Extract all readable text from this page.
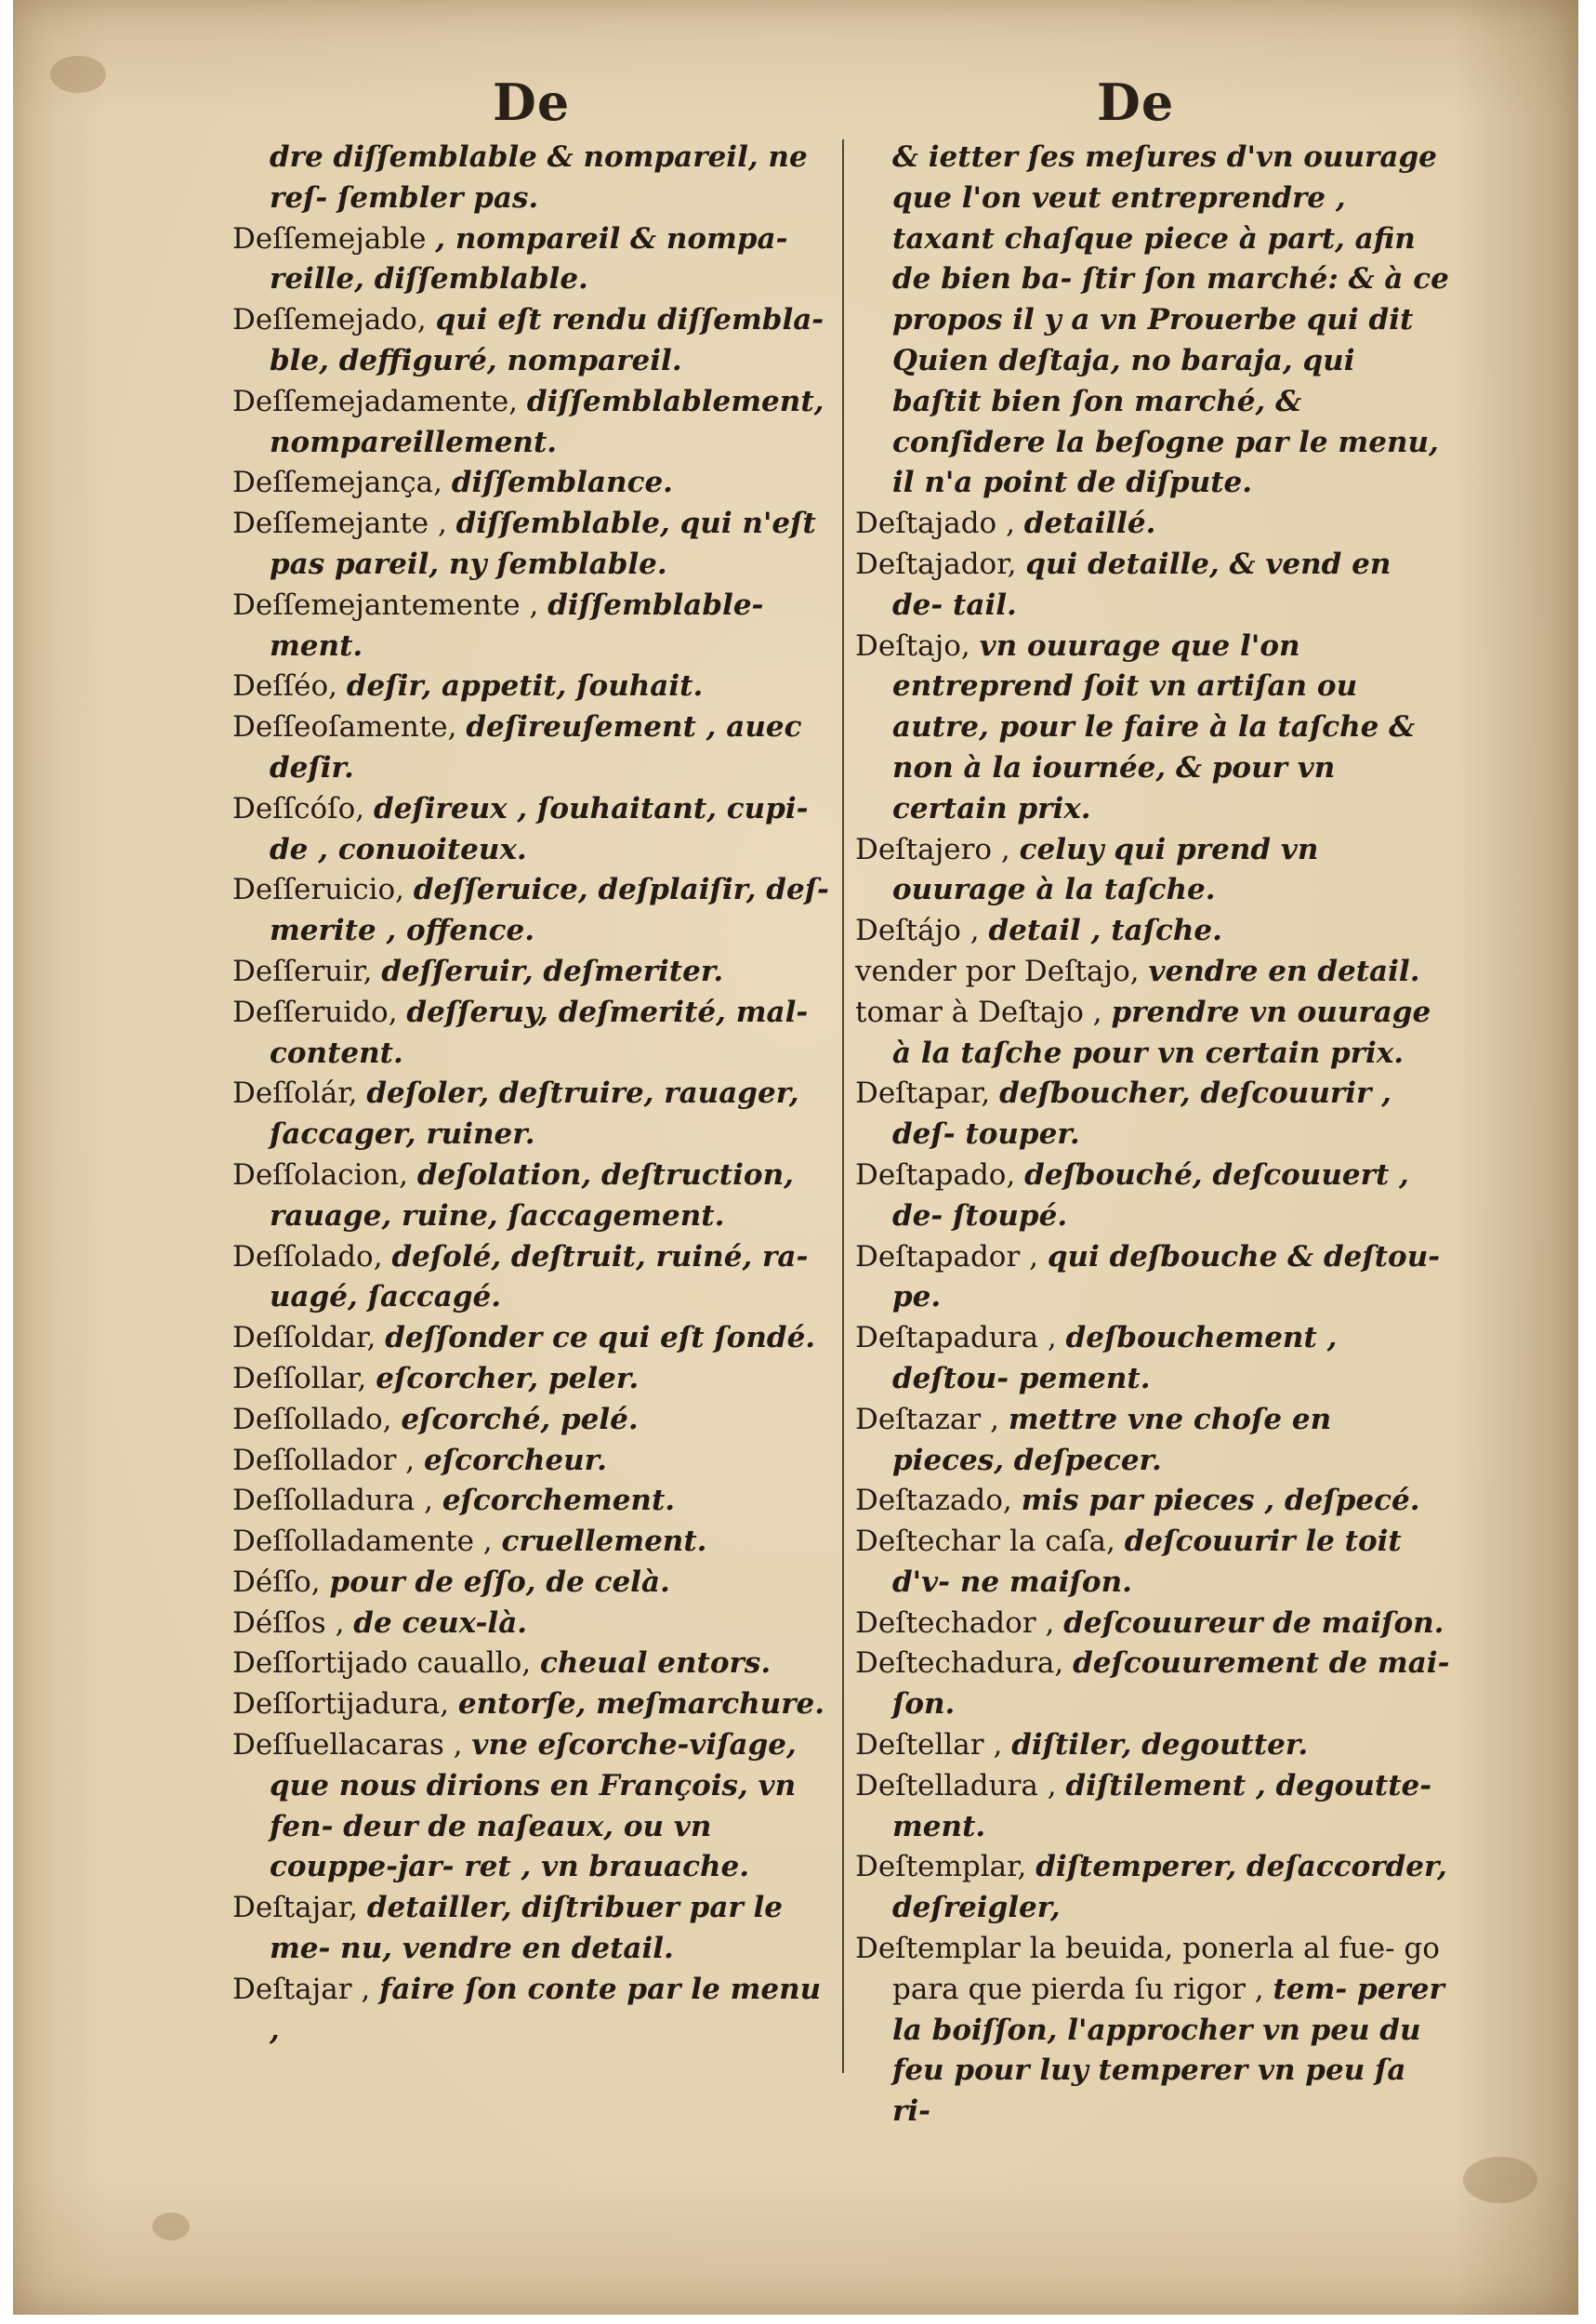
De	De

dre diſſemblable & nompareil, ne reſ- ſembler pas.

Deſſemejable , nompareil & nompa- reille, diſſemblable.

Deſſemejado, qui eſt rendu diſſembla- ble, deffiguré, nompareil.

Deſſemejadamente, diſſemblablement, nompareillement.

Deſſemejança, diſſemblance.

Deſſemejante , diſſemblable, qui n'eſt pas pareil, ny ſemblable.

Deſſemejantemente , diſſemblable- ment.

Deſſéo, deſir, appetit, ſouhait.

Deſſeoſamente, deſireuſement , auec deſir.

Deſſcóſo, deſireux , ſouhaitant, cupi- de , conuoiteux.

Deſſeruicio, deſſeruice, deſplaiſir, deſ- merite , offence.

Deſſeruir, deſſeruir, deſmeriter.

Deſſeruido, deſſeruy, deſmerité, mal- content.

Deſſolár, deſoler, deſtruire, rauager, ſaccager, ruiner.

Deſſolacion, deſolation, deſtruction, rauage, ruine, ſaccagement.

Deſſolado, deſolé, deſtruit, ruiné, ra- uagé, ſaccagé.

Deſſoldar, deſſonder ce qui eſt ſondé.

Deſſollar, eſcorcher, peler.

Deſſollado, eſcorché, pelé.

Deſſollador , eſcorcheur.

Deſſolladura , eſcorchement.

Deſſolladamente , cruellement.

Déſſo, pour de eſſo, de celà.

Déſſos , de ceux-là.

Deſſortijado cauallo, cheual entors.

Deſſortijadura, entorſe, meſmarchure.

Deſſuellacaras , vne eſcorche-viſage, que nous dirions en François, vn fen- deur de naſeaux, ou vn couppe-jar- ret , vn brauache.

Deſtajar, detailler, diſtribuer par le me- nu, vendre en detail.

Deſtajar , faire ſon conte par le menu ,

& ietter ſes meſures d'vn ouurage que l'on veut entreprendre , taxant chaſque piece à part, afin de bien ba- ſtir ſon marché: & à ce propos il y a vn Prouerbe qui dit Quien deſtaja, no baraja, qui baſtit bien ſon marché, & conſidere la beſogne par le menu, il n'a point de diſpute.

Deſtajado , detaillé.

Deſtajador, qui detaille, & vend en de- tail.

Deſtajo, vn ouurage que l'on entreprend ſoit vn artiſan ou autre, pour le faire à la taſche & non à la iournée, & pour vn certain prix.

Deſtajero , celuy qui prend vn ouurage à la taſche.

Deſtájo , detail , taſche.

vender por Deſtajo, vendre en detail.

tomar à Deſtajo , prendre vn ouurage à la taſche pour vn certain prix.

Deſtapar, deſboucher, deſcouurir , deſ- touper.

Deſtapado, deſbouché, deſcouuert , de- ſtoupé.

Deſtapador , qui deſbouche & deſtou- pe.

Deſtapadura , deſbouchement , deſtou- pement.

Deſtazar , mettre vne choſe en pieces, deſpecer.

Deſtazado, mis par pieces , deſpecé.

Deſtechar la caſa, deſcouurir le toit d'v- ne maiſon.

Deſtechador , deſcouureur de maiſon.

Deſtechadura, deſcouurement de mai- ſon.

Deſtellar , diſtiler, degoutter.

Deſtelladura , diſtilement , degoutte- ment.

Deſtemplar, diſtemperer, deſaccorder, deſreigler,

Deſtemplar la beuida, ponerla al fue- go para que pierda ſu rigor , tem- perer la boiſſon, l'approcher vn peu du feu pour luy temperer vn peu ſa ri-
